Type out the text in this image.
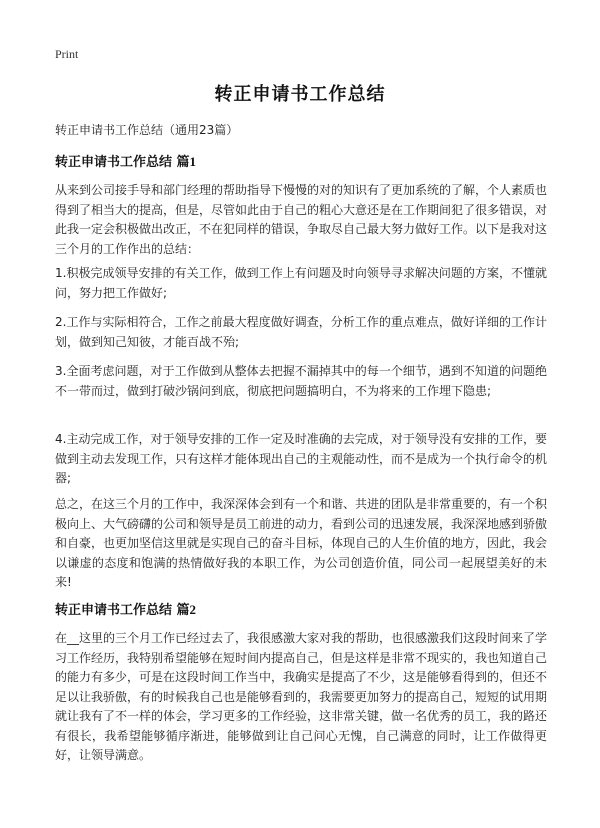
Print
转正申请书工作总结
转正申请书工作总结（通用23篇）
转正申请书工作总结 篇1
从来到公司接手导和部门经理的帮助指导下慢慢的对的知识有了更加系统的了解，个人素质也得到了相当大的提高，但是，尽管如此由于自己的粗心大意还是在工作期间犯了很多错误，对此我一定会积极做出改正，不在犯同样的错误，争取尽自己最大努力做好工作。以下是我对这三个月的工作作出的总结：
1.积极完成领导安排的有关工作，做到工作上有问题及时向领导寻求解决问题的方案，不懂就问，努力把工作做好;
2.工作与实际相符合，工作之前最大程度做好调查，分析工作的重点难点，做好详细的工作计划，做到知己知彼，才能百战不殆;
3.全面考虑问题，对于工作做到从整体去把握不漏掉其中的每一个细节，遇到不知道的问题绝不一带而过，做到打破沙锅问到底，彻底把问题搞明白，不为将来的工作埋下隐患;
4.主动完成工作，对于领导安排的工作一定及时准确的去完成，对于领导没有安排的工作，要做到主动去发现工作，只有这样才能体现出自己的主观能动性，而不是成为一个执行命令的机器;
总之，在这三个月的工作中，我深深体会到有一个和谐、共进的团队是非常重要的，有一个积极向上、大气磅礴的公司和领导是员工前进的动力，看到公司的迅速发展，我深深地感到骄傲和自豪，也更加坚信这里就是实现自己的奋斗目标，体现自己的人生价值的地方，因此，我会以谦虚的态度和饱满的热情做好我的本职工作，为公司创造价值，同公司一起展望美好的未来!
转正申请书工作总结 篇2
在__这里的三个月工作已经过去了，我很感激大家对我的帮助，也很感激我们这段时间来了学习工作经历，我特别希望能够在短时间内提高自己，但是这样是非常不现实的，我也知道自己的能力有多少，可是在这段时间工作当中，我确实是提高了不少，这是能够看得到的，但还不足以让我骄傲，有的时候我自己也是能够看到的，我需要更加努力的提高自己，短短的试用期就让我有了不一样的体会，学习更多的工作经验，这非常关键，做一名优秀的员工，我的路还有很长，我希望能够循序渐进，能够做到让自己问心无愧，自己满意的同时，让工作做得更好，让领导满意。
